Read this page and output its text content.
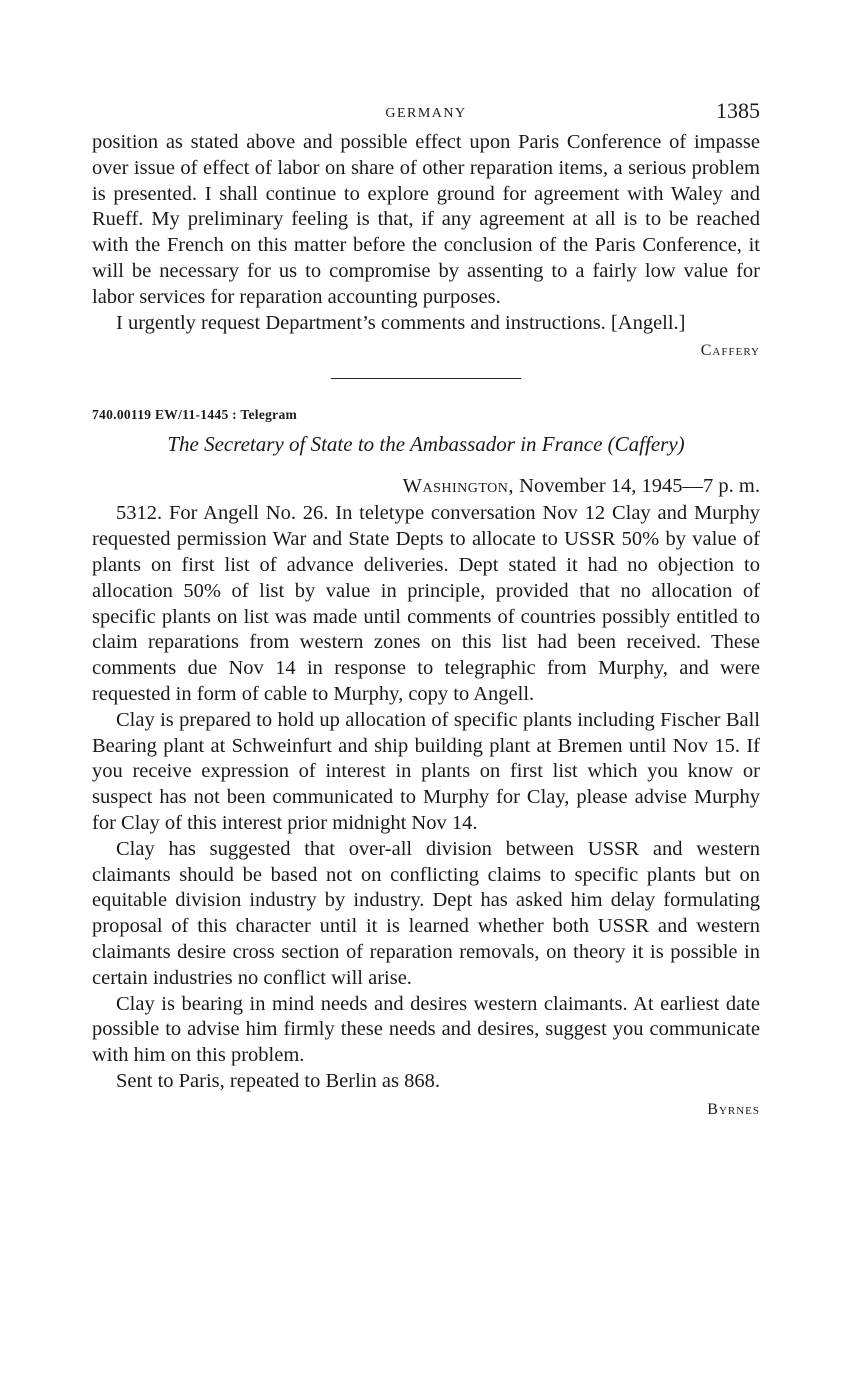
GERMANY	1385

position as stated above and possible effect upon Paris Conference of impasse over issue of effect of labor on share of other reparation items, a serious problem is presented. I shall continue to explore ground for agreement with Waley and Rueff. My preliminary feeling is that, if any agreement at all is to be reached with the French on this matter before the conclusion of the Paris Conference, it will be necessary for us to compromise by assenting to a fairly low value for labor services for reparation accounting purposes.

I urgently request Department’s comments and instructions. [Angell.]

Caffery
740.00119 EW/11-1445 : Telegram
The Secretary of State to the Ambassador in France (Caffery)
Washington, November 14, 1945—7 p. m.

5312. For Angell No. 26. In teletype conversation Nov 12 Clay and Murphy requested permission War and State Depts to allocate to USSR 50% by value of plants on first list of advance deliveries. Dept stated it had no objection to allocation 50% of list by value in principle, provided that no allocation of specific plants on list was made until comments of countries possibly entitled to claim reparations from western zones on this list had been received. These comments due Nov 14 in response to telegraphic from Murphy, and were requested in form of cable to Murphy, copy to Angell.

Clay is prepared to hold up allocation of specific plants including Fischer Ball Bearing plant at Schweinfurt and ship building plant at Bremen until Nov 15. If you receive expression of interest in plants on first list which you know or suspect has not been communicated to Murphy for Clay, please advise Murphy for Clay of this interest prior midnight Nov 14.

Clay has suggested that over-all division between USSR and western claimants should be based not on conflicting claims to specific plants but on equitable division industry by industry. Dept has asked him delay formulating proposal of this character until it is learned whether both USSR and western claimants desire cross section of reparation removals, on theory it is possible in certain industries no conflict will arise.

Clay is bearing in mind needs and desires western claimants. At earliest date possible to advise him firmly these needs and desires, suggest you communicate with him on this problem.

Sent to Paris, repeated to Berlin as 868.

Byrnes
